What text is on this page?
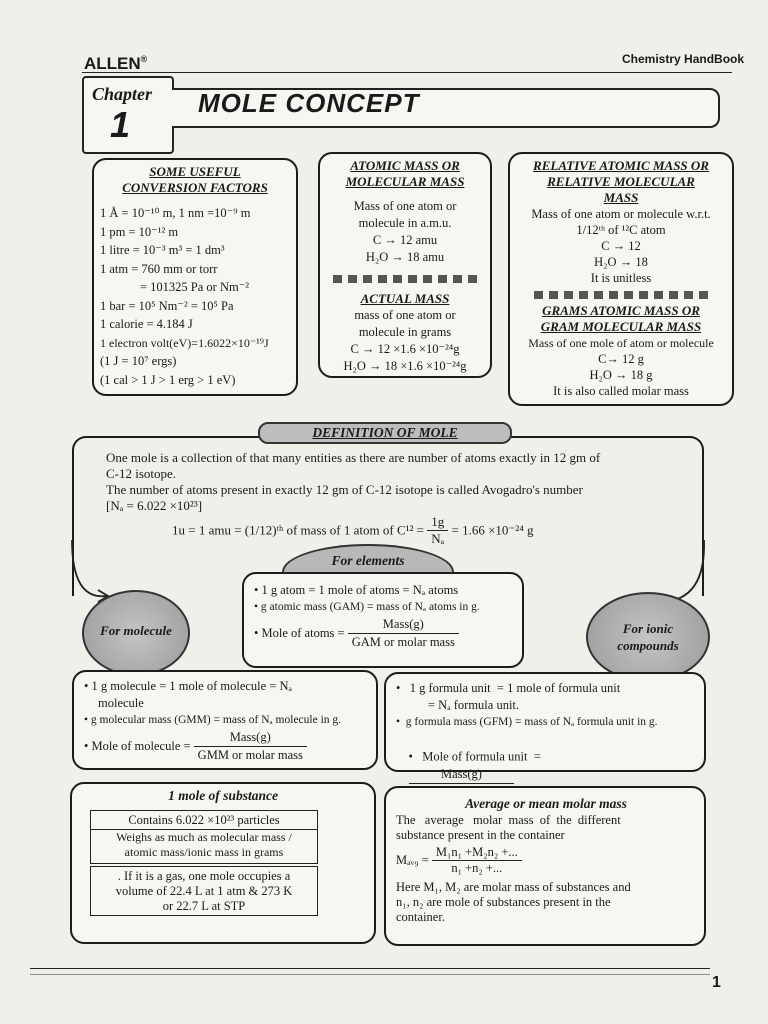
ALLEN®	Chemistry HandBook
Chapter
1
MOLE CONCEPT
SOME USEFUL
CONVERSION FACTORS
1 Å = 10⁻¹⁰ m, 1 nm =10⁻⁹ m
1 pm = 10⁻¹² m
1 litre = 10⁻³ m³ = 1 dm³
1 atm = 760 mm or torr
= 101325 Pa or Nm⁻²
1 bar = 10⁵ Nm⁻² = 10⁵ Pa
1 calorie = 4.184 J
1 electron volt(eV)=1.6022×10⁻¹⁹J
(1 J = 10⁷ ergs)
(1 cal > 1 J > 1 erg > 1 eV)
ATOMIC MASS OR
MOLECULAR MASS
Mass of one atom or
molecule in a.m.u.
C → 12 amu
H₂O → 18 amu
ACTUAL MASS
mass of one atom or
molecule in grams
C → 12 ×1.6 ×10⁻²⁴g
H₂O → 18 ×1.6 ×10⁻²⁴g
RELATIVE ATOMIC MASS OR
RELATIVE MOLECULAR
MASS
Mass of one atom or molecule w.r.t.
1/12ᵗʰ of ¹²C atom
C → 12
H₂O → 18
It is unitless
GRAMS ATOMIC MASS OR
GRAM MOLECULAR MASS
Mass of one mole of atom or molecule
C→ 12 g
H₂O → 18 g
It is also called molar mass
DEFINITION OF MOLE
One mole is a collection of that many entities as there are number of atoms exactly in 12 gm of
C-12 isotope.
The number of atoms present in exactly 12 gm of C-12 isotope is called Avogadro's number
[Nₐ = 6.022 ×10²³]
1u = 1 amu = (1/12)ᵗʰ of mass of 1 atom of $C^{12} = \frac{1g}{\text{Nₐ}} = 1.66 \times 10^{-24}$ g
For elements
• 1 g atom = 1 mole of atoms = Nₐ atoms
• g atomic mass (GAM) = mass of Nₐ atoms in g.
• Mole of atoms = $\frac{\text{Mass(g)}}{\text{GAM or molar mass}}$
For molecule	For ionic
compounds
• 1 g molecule = 1 mole of molecule = Nₐ
molecule
• g molecular mass (GMM) = mass of Nₐ molecule in g.
• Mole of molecule = $\frac{\text{Mass(g)}}{\text{GMM or molar mass}}$
•   1 g formula unit  = 1 mole of formula unit
= Nₐ formula unit.
•  g formula mass (GFM) = mass of Nₐ formula unit in g.

•   Mole of formula unit  =

Mass(g)

1 mole of substance
Contains 6.022 ×10²³ particles
Weighs as much as molecular mass /
atomic mass/ionic mass in grams
. If it is a gas, one mole occupies a
volume of 22.4 L at 1 atm & 273 K
or 22.7 L at STP
Average or mean molar mass
The   average   molar  mass  of  the  different
substance present in the container
Mₐᵥ₉ = $\frac{\text{M₁n₁ +M₂n₂ +...}}{\text{n₁ +n₂ +...}}$
Here M₁, M₂ are molar mass of substances and
n₁, n₂ are mole of substances present in the
container.
1
